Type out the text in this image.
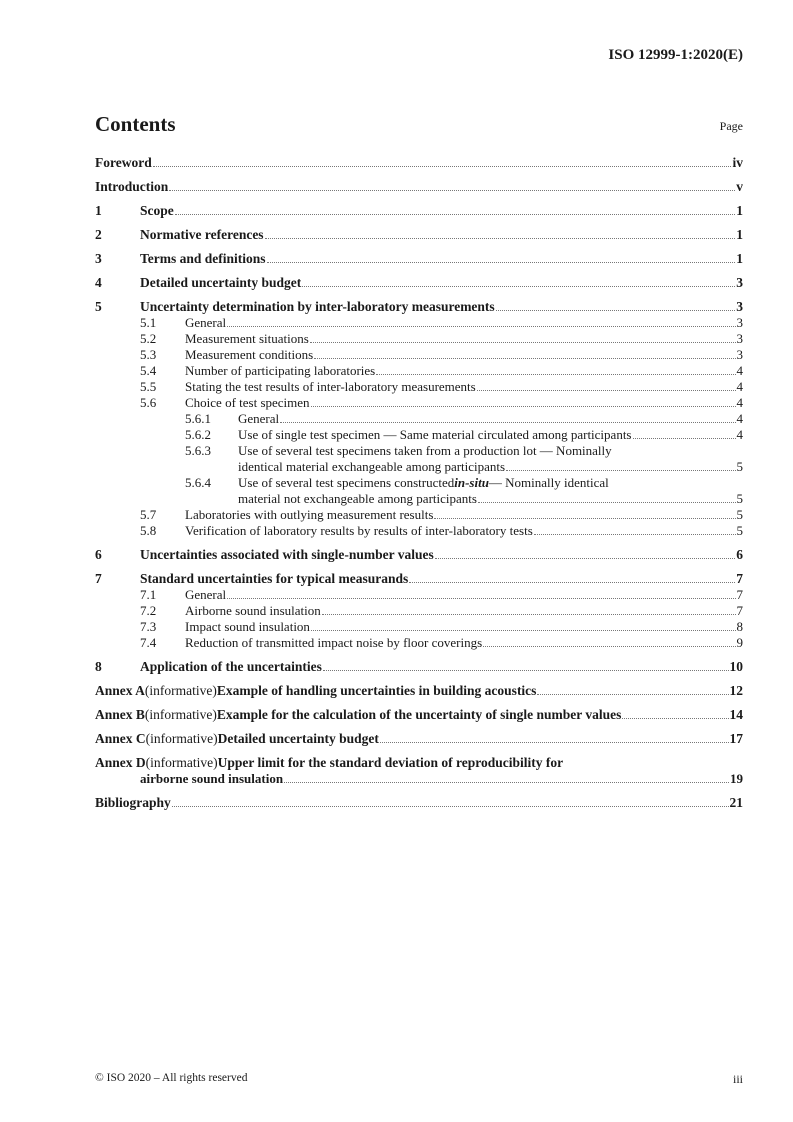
ISO 12999-1:2020(E)
Contents	Page
Foreword	iv
Introduction	v
1	Scope	1
2	Normative references	1
3	Terms and definitions	1
4	Detailed uncertainty budget	3
5	Uncertainty determination by inter-laboratory measurements	3
5.1	General	3
5.2	Measurement situations	3
5.3	Measurement conditions	3
5.4	Number of participating laboratories	4
5.5	Stating the test results of inter-laboratory measurements	4
5.6	Choice of test specimen	4
5.6.1	General	4
5.6.2	Use of single test specimen — Same material circulated among participants	4
5.6.3	Use of several test specimens taken from a production lot — Nominally
identical material exchangeable among participants	5
5.6.4	Use of several test specimens constructed in-situ — Nominally identical
material not exchangeable among participants	5
5.7	Laboratories with outlying measurement results	5
5.8	Verification of laboratory results by results of inter-laboratory tests	5
6	Uncertainties associated with single-number values	6
7	Standard uncertainties for typical measurands	7
7.1	General	7
7.2	Airborne sound insulation	7
7.3	Impact sound insulation	8
7.4	Reduction of transmitted impact noise by floor coverings	9
8	Application of the uncertainties	10
Annex A (informative) Example of handling uncertainties in building acoustics	12
Annex B (informative) Example for the calculation of the uncertainty of single number values	14
Annex C (informative) Detailed uncertainty budget	17
Annex D (informative) Upper limit for the standard deviation of reproducibility for
airborne sound insulation	19
Bibliography	21
© ISO 2020 – All rights reserved	iii
